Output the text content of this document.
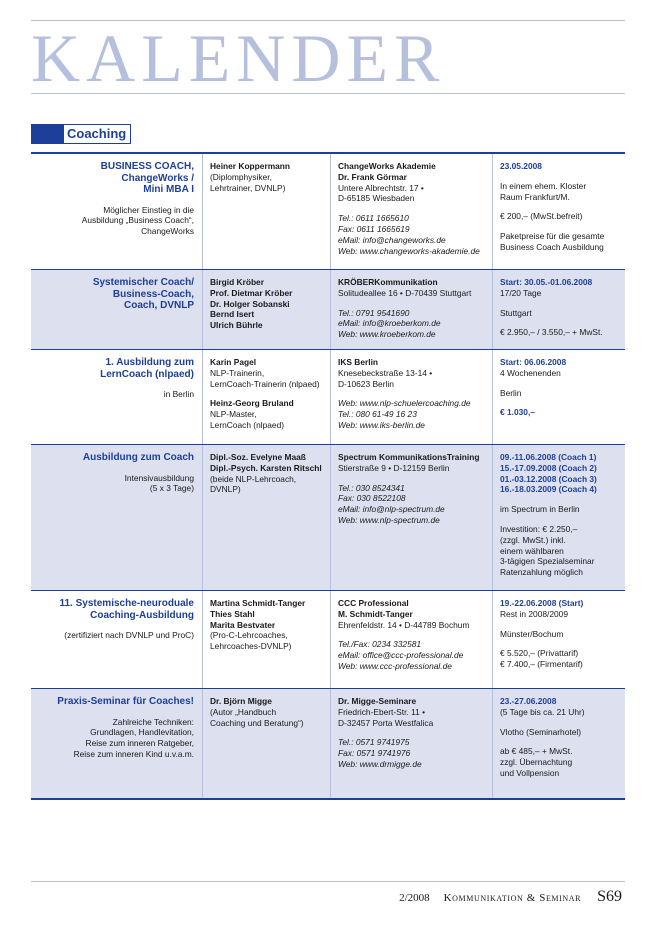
KALENDER
Coaching
BUSINESS COACH,
ChangeWorks /
Mini MBA I
Möglicher Einstieg in die
Ausbildung „Business Coach“,
ChangeWorks
Heiner Koppermann
(Diplomphysiker,
Lehrtrainer, DVNLP)
ChangeWorks Akademie
Dr. Frank Görmar
Untere Albrechtstr. 17 •
D-65185 Wiesbaden
Tel.: 0611 1665610
Fax: 0611 1665619
eMail: info@changeworks.de
Web: www.changeworks-akademie.de
23.05.2008
In einem ehem. Kloster
Raum Frankfurt/M.
€ 200,– (MwSt.befreit)
Paketpreise für die gesamte
Business Coach Ausbildung
Systemischer Coach/
Business-Coach,
Coach, DVNLP
Birgid Kröber
Prof. Dietmar Kröber
Dr. Holger Sobanski
Bernd Isert
Ulrich Bührle
KRÖBERKommunikation
Solitudeallee 16 • D-70439 Stuttgart
Tel.: 0791 9541690
eMail: info@kroeberkom.de
Web: www.kroeberkom.de
Start: 30.05.-01.06.2008
17/20 Tage
Stuttgart
€ 2.950,– / 3.550,– + MwSt.
1. Ausbildung zum
LernCoach (nlpaed)
in Berlin
Karin Pagel
NLP-Trainerin,
LernCoach-Trainerin (nlpaed)
Heinz-Georg Bruland
NLP-Master,
LernCoach (nlpaed)
IKS Berlin
Knesebeckstraße 13-14 •
D-10623 Berlin
Web: www.nlp-schuelercoaching.de
Tel.: 080 61-49 16 23
Web: www.iks-berlin.de
Start: 06.06.2008
4 Wochenenden
Berlin
€ 1.030,–
Ausbildung zum Coach
Intensivausbildung
(5 x 3 Tage)
Dipl.-Soz. Evelyne Maaß
Dipl.-Psych. Karsten Ritschl
(beide NLP-Lehrcoach,
DVNLP)
Spectrum KommunikationsTraining
Stierstraße 9 • D-12159 Berlin
Tel.: 030 8524341
Fax: 030 8522108
eMail: info@nlp-spectrum.de
Web: www.nlp-spectrum.de
09.-11.06.2008 (Coach 1)
15.-17.09.2008 (Coach 2)
01.-03.12.2008 (Coach 3)
16.-18.03.2009 (Coach 4)
im Spectrum in Berlin
Investition: € 2.250,–
(zzgl. MwSt.) inkl.
einem wählbaren
3-tägigen Spezialseminar
Ratenzahlung möglich
11. Systemische-neuroduale
Coaching-Ausbildung
(zertifiziert nach DVNLP und ProC)
Martina Schmidt-Tanger
Thies Stahl
Marita Bestvater
(Pro-C-Lehrcoaches,
Lehrcoaches-DVNLP)
CCC Professional
M. Schmidt-Tanger
Ehrenfeldstr. 14 • D-44789 Bochum
Tel./Fax: 0234 332581
eMail: office@ccc-professional.de
Web: www.ccc-professional.de
19.-22.06.2008 (Start)
Rest in 2008/2009
Münster/Bochum
€ 5.520,– (Privattarif)
€ 7.400,– (Firmentarif)
Praxis-Seminar für Coaches!
Zahlreiche Techniken:
Grundlagen, Handlevitation,
Reise zum inneren Ratgeber,
Reise zum inneren Kind u.v.a.m.
Dr. Björn Migge
(Autor „Handbuch
Coaching und Beratung“)
Dr. Migge-Seminare
Friedrich-Ebert-Str. 11 •
D-32457 Porta Westfalica
Tel.: 0571 9741975
Fax: 0571 9741976
Web: www.drmigge.de
23.-27.06.2008
(5 Tage bis ca. 21 Uhr)
Vlotho (Seminarhotel)
ab € 485,– + MwSt.
zzgl. Übernachtung
und Vollpension
2/2008 Kommunikation & Seminar S69
